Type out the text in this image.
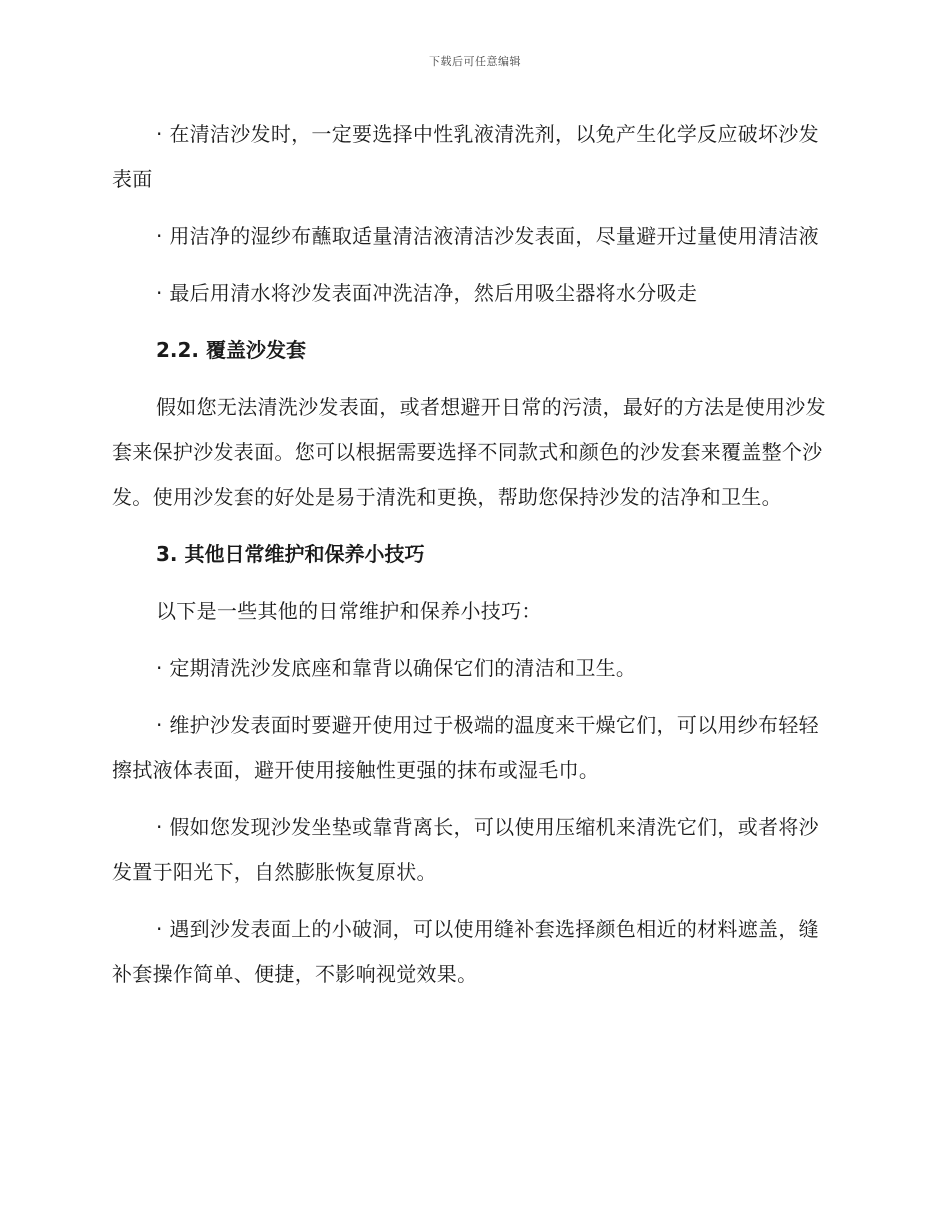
下载后可任意编辑

· 在清洁沙发时，一定要选择中性乳液清洗剂，以免产生化学反应破坏沙发表面

· 用洁净的湿纱布蘸取适量清洁液清洁沙发表面，尽量避开过量使用清洁液

· 最后用清水将沙发表面冲洗洁净，然后用吸尘器将水分吸走

2.2. 覆盖沙发套

假如您无法清洗沙发表面，或者想避开日常的污渍，最好的方法是使用沙发套来保护沙发表面。您可以根据需要选择不同款式和颜色的沙发套来覆盖整个沙发。使用沙发套的好处是易于清洗和更换，帮助您保持沙发的洁净和卫生。

3. 其他日常维护和保养小技巧

以下是一些其他的日常维护和保养小技巧：

· 定期清洗沙发底座和靠背以确保它们的清洁和卫生。

· 维护沙发表面时要避开使用过于极端的温度来干燥它们，可以用纱布轻轻擦拭液体表面，避开使用接触性更强的抹布或湿毛巾。

· 假如您发现沙发坐垫或靠背离长，可以使用压缩机来清洗它们，或者将沙发置于阳光下，自然膨胀恢复原状。

· 遇到沙发表面上的小破洞，可以使用缝补套选择颜色相近的材料遮盖，缝补套操作简单、便捷，不影响视觉效果。
